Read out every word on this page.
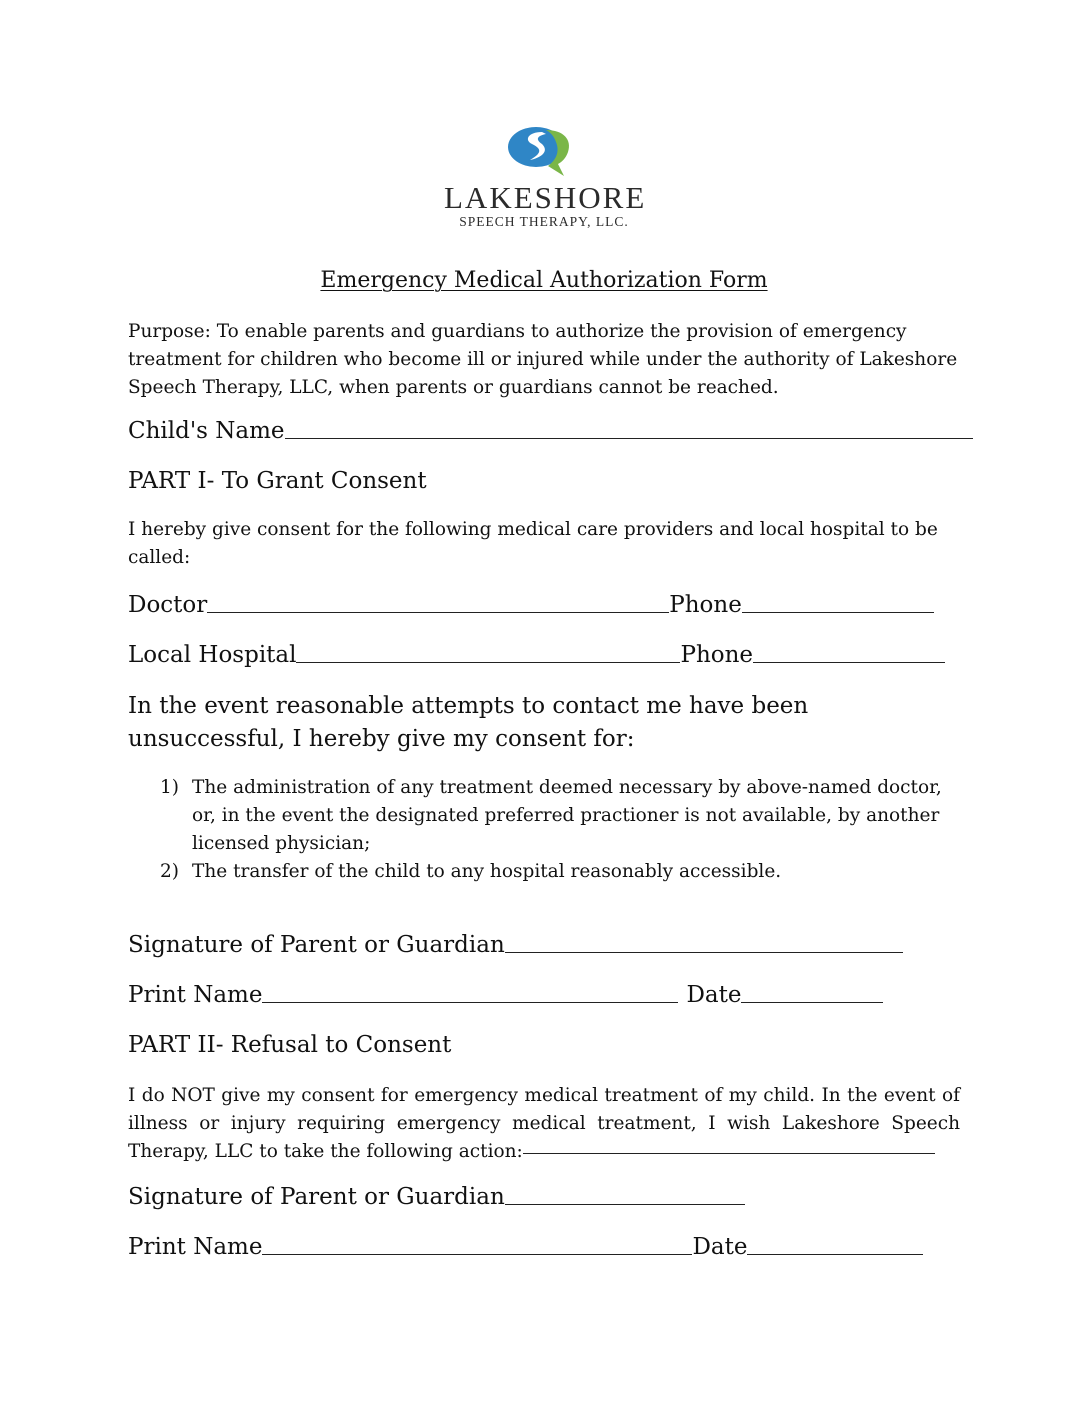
LAKESHORE
SPEECH THERAPY, LLC.
Emergency Medical Authorization Form
Purpose: To enable parents and guardians to authorize the provision of emergency treatment for children who become ill or injured while under the authority of Lakeshore Speech Therapy, LLC, when parents or guardians cannot be reached.
Child's Name
PART I- To Grant Consent
I hereby give consent for the following medical care providers and local hospital to be called:
Doctor	Phone
Local Hospital	Phone
In the event reasonable attempts to contact me have been unsuccessful, I hereby give my consent for:
1) The administration of any treatment deemed necessary by above-named doctor, or, in the event the designated preferred practioner is not available, by another licensed physician;
2) The transfer of the child to any hospital reasonably accessible.
Signature of Parent or Guardian
Print Name	Date
PART II- Refusal to Consent
I do NOT give my consent for emergency medical treatment of my child. In the event of illness or injury requiring emergency medical treatment, I wish Lakeshore Speech Therapy, LLC to take the following action:
Signature of Parent or Guardian
Print Name	Date
